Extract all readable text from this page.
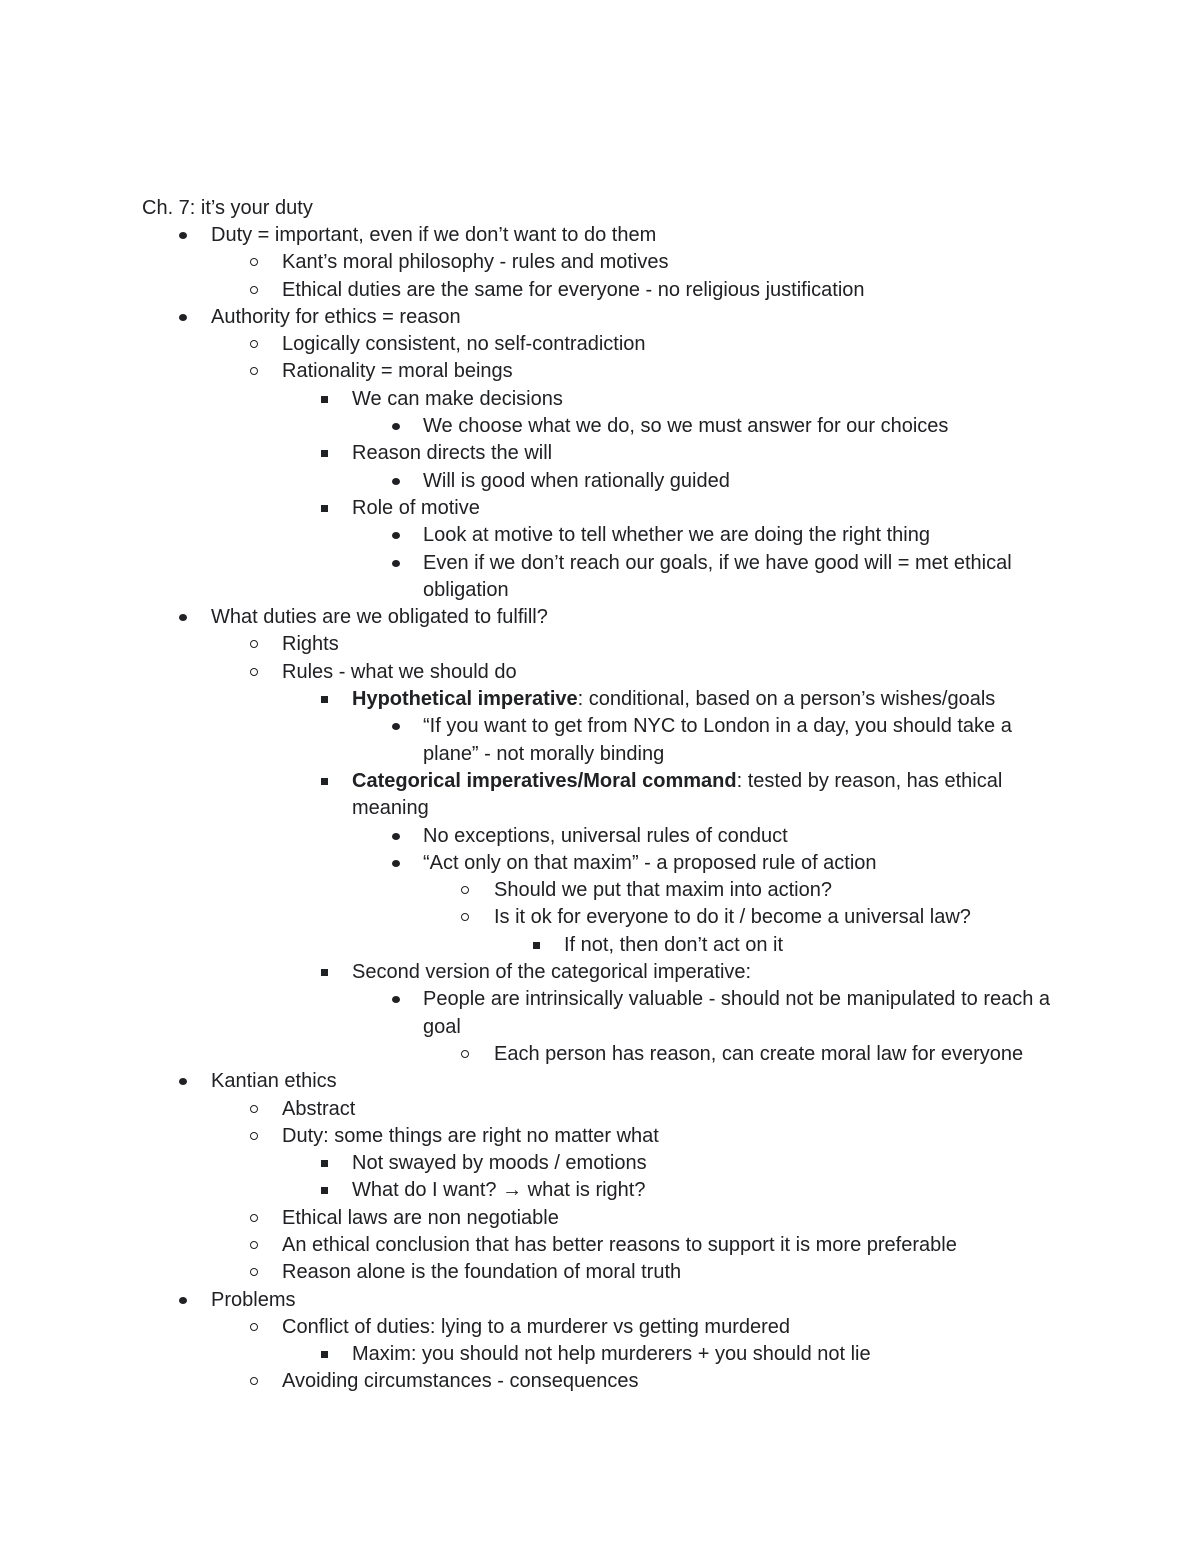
Ch. 7: it’s your duty
Duty = important, even if we don’t want to do them
Kant’s moral philosophy - rules and motives
Ethical duties are the same for everyone - no religious justification
Authority for ethics = reason
Logically consistent, no self-contradiction
Rationality = moral beings
We can make decisions
We choose what we do, so we must answer for our choices
Reason directs the will
Will is good when rationally guided
Role of motive
Look at motive to tell whether we are doing the right thing
Even if we don’t reach our goals, if we have good will = met ethical obligation
What duties are we obligated to fulfill?
Rights
Rules - what we should do
Hypothetical imperative: conditional, based on a person’s wishes/goals
“If you want to get from NYC to London in a day, you should take a plane” - not morally binding
Categorical imperatives/Moral command: tested by reason, has ethical meaning
No exceptions, universal rules of conduct
“Act only on that maxim” - a proposed rule of action
Should we put that maxim into action?
Is it ok for everyone to do it / become a universal law?
If not, then don’t act on it
Second version of the categorical imperative:
People are intrinsically valuable - should not be manipulated to reach a goal
Each person has reason, can create moral law for everyone
Kantian ethics
Abstract
Duty: some things are right no matter what
Not swayed by moods / emotions
What do I want? → what is right?
Ethical laws are non negotiable
An ethical conclusion that has better reasons to support it is more preferable
Reason alone is the foundation of moral truth
Problems
Conflict of duties: lying to a murderer vs getting murdered
Maxim: you should not help murderers + you should not lie
Avoiding circumstances - consequences
